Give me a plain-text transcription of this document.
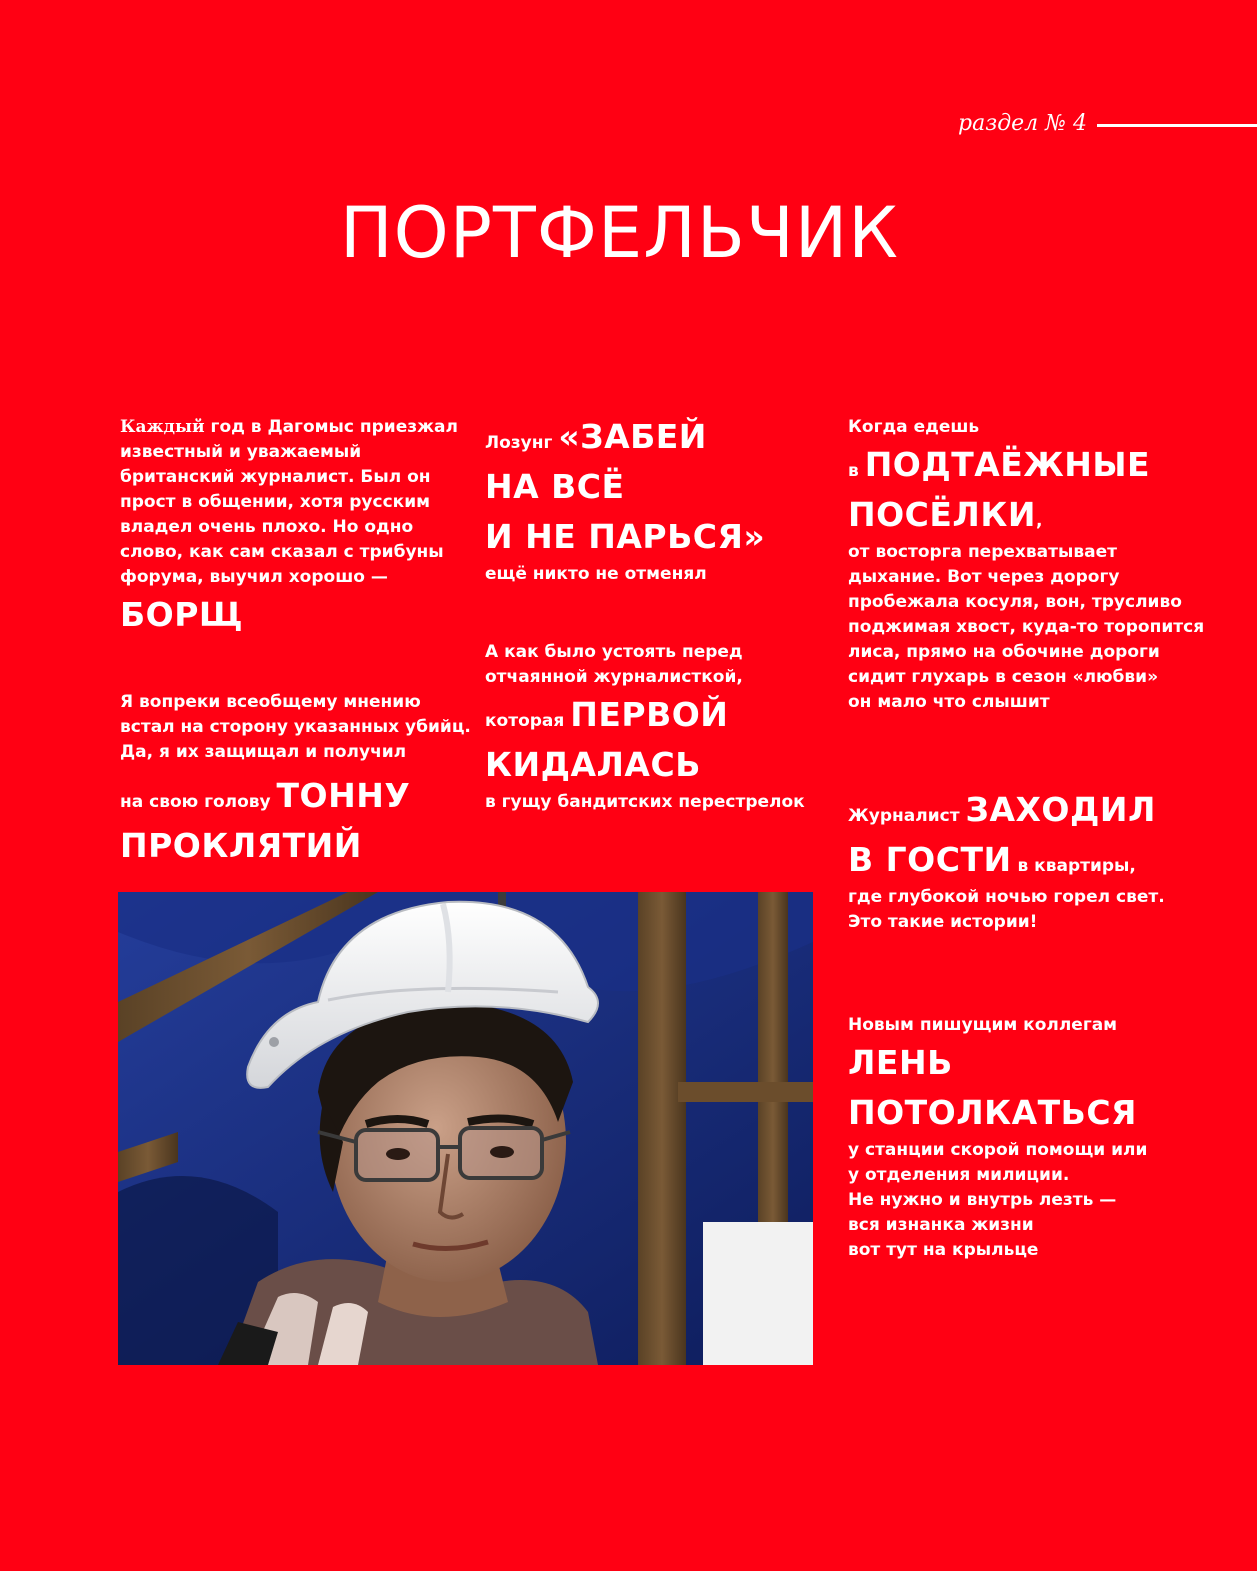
раздел № 4
ПОРТФЕЛЬЧИК
Каждый год в Дагомыс приезжал
известный и уважаемый
британский журналист. Был он
прост в общении, хотя русским
владел очень плохо. Но одно
слово, как сам сказал с трибуны
форума, выучил хорошо —
БОРЩ
Я вопреки всеобщему мнению
встал на сторону указанных убийц.
Да, я их защищал и получил
на свою голову ТОННУ
ПРОКЛЯТИЙ
Лозунг «ЗАБЕЙ
НА ВСЁ
И НЕ ПАРЬСЯ»
ещё никто не отменял
А как было устоять перед
отчаянной журналисткой,
которая ПЕРВОЙ
КИДАЛАСЬ
в гущу бандитских перестрелок
Когда едешь
в ПОДТАЁЖНЫЕ
ПОСЁЛКИ,
от восторга перехватывает
дыхание. Вот через дорогу
пробежала косуля, вон, трусливо
поджимая хвост, куда-то торопится
лиса, прямо на обочине дороги
сидит глухарь в сезон «любви»
он мало что слышит
Журналист ЗАХОДИЛ
В ГОСТИ в квартиры,
где глубокой ночью горел свет.
Это такие истории!
Новым пишущим коллегам
ЛЕНЬ
ПОТОЛКАТЬСЯ
у станции скорой помощи или
у отделения милиции.
Не нужно и внутрь лезть —
вся изнанка жизни
вот тут на крыльце
